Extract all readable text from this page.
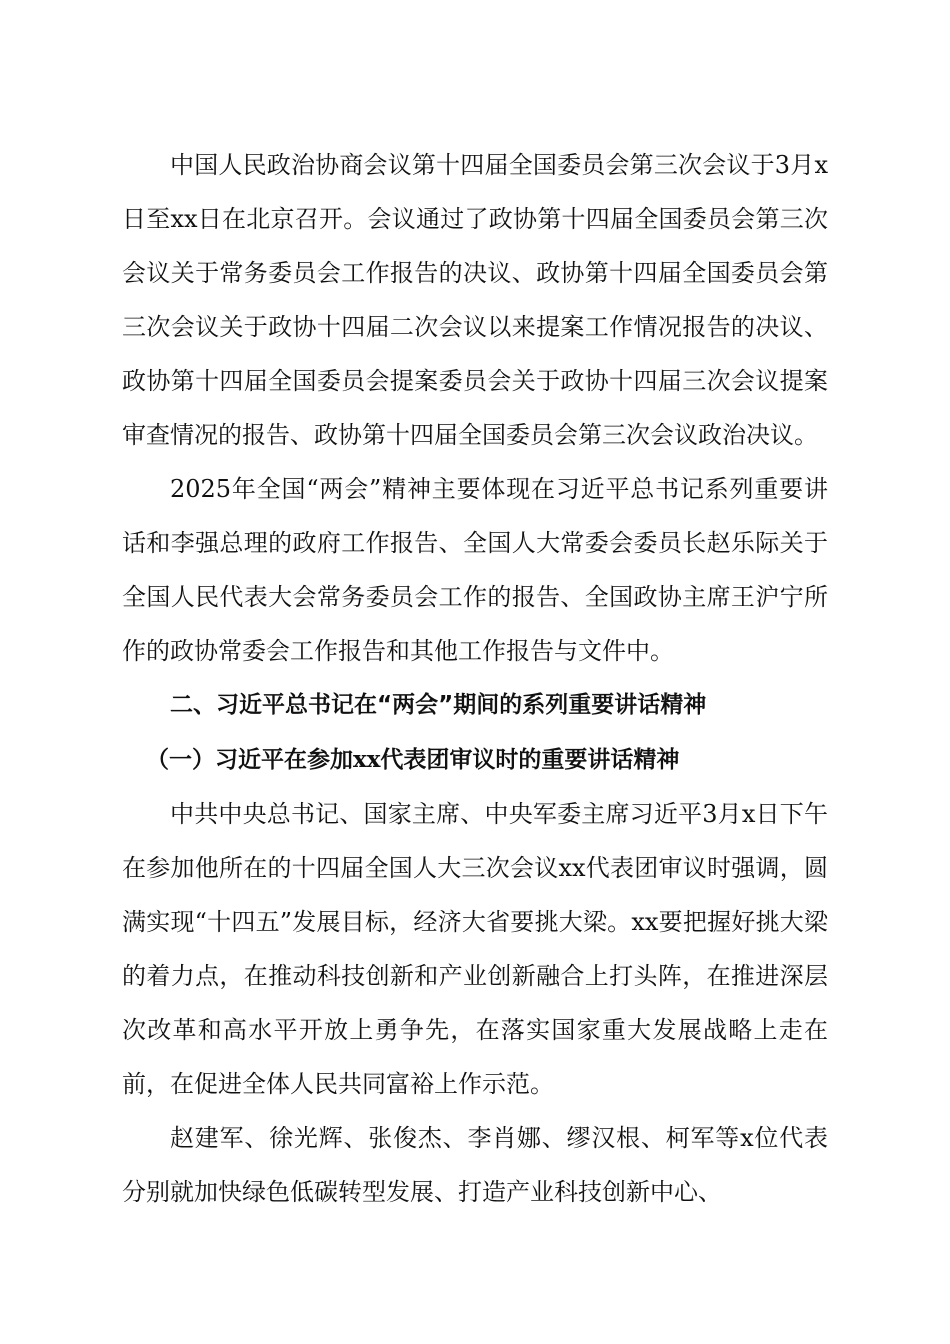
中国人民政治协商会议第十四届全国委员会第三次会议于3月x日至xx日在北京召开。会议通过了政协第十四届全国委员会第三次会议关于常务委员会工作报告的决议、政协第十四届全国委员会第三次会议关于政协十四届二次会议以来提案工作情况报告的决议、政协第十四届全国委员会提案委员会关于政协十四届三次会议提案审查情况的报告、政协第十四届全国委员会第三次会议政治决议。

2025年全国“两会”精神主要体现在习近平总书记系列重要讲话和李强总理的政府工作报告、全国人大常委会委员长赵乐际关于全国人民代表大会常务委员会工作的报告、全国政协主席王沪宁所作的政协常委会工作报告和其他工作报告与文件中。

二、习近平总书记在“两会”期间的系列重要讲话精神
（一）习近平在参加xx代表团审议时的重要讲话精神

中共中央总书记、国家主席、中央军委主席习近平3月x日下午在参加他所在的十四届全国人大三次会议xx代表团审议时强调，圆满实现“十四五”发展目标，经济大省要挑大梁。xx要把握好挑大梁的着力点，在推动科技创新和产业创新融合上打头阵，在推进深层次改革和高水平开放上勇争先，在落实国家重大发展战略上走在前，在促进全体人民共同富裕上作示范。

赵建军、徐光辉、张俊杰、李肖娜、缪汉根、柯军等x位代表分别就加快绿色低碳转型发展、打造产业科技创新中心、
